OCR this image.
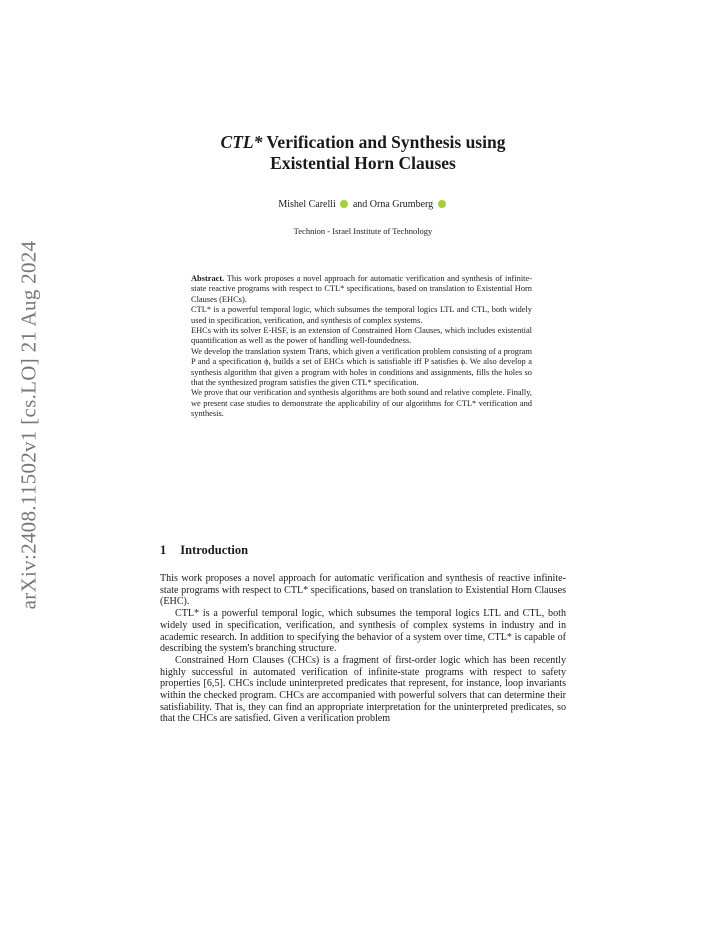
arXiv:2408.11502v1 [cs.LO] 21 Aug 2024
CTL* Verification and Synthesis using
Existential Horn Clauses
Mishel Carelli and Orna Grumberg
Technion - Israel Institute of Technology

Abstract. This work proposes a novel approach for automatic verification and synthesis of infinite-state reactive programs with respect to CTL* specifications, based on translation to Existential Horn Clauses (EHCs).

CTL* is a powerful temporal logic, which subsumes the temporal logics LTL and CTL, both widely used in specification, verification, and synthesis of complex systems.

EHCs with its solver E-HSF, is an extension of Constrained Horn Clauses, which includes existential quantification as well as the power of handling well-foundedness.

We develop the translation system Trans, which given a verification problem consisting of a program P and a specification ϕ, builds a set of EHCs which is satisfiable iff P satisfies ϕ. We also develop a synthesis algorithm that given a program with holes in conditions and assignments, fills the holes so that the synthesized program satisfies the given CTL* specification.

We prove that our verification and synthesis algorithms are both sound and relative complete. Finally, we present case studies to demonstrate the applicability of our algorithms for CTL* verification and synthesis.

1 Introduction

This work proposes a novel approach for automatic verification and synthesis of reactive infinite-state programs with respect to CTL* specifications, based on translation to Existential Horn Clauses (EHC).

CTL* is a powerful temporal logic, which subsumes the temporal logics LTL and CTL, both widely used in specification, verification, and synthesis of complex systems in industry and in academic research. In addition to specifying the behavior of a system over time, CTL* is capable of describing the system's branching structure.

Constrained Horn Clauses (CHCs) is a fragment of first-order logic which has been recently highly successful in automated verification of infinite-state programs with respect to safety properties [6,5]. CHCs include uninterpreted predicates that represent, for instance, loop invariants within the checked program. CHCs are accompanied with powerful solvers that can determine their satisfiability. That is, they can find an appropriate interpretation for the uninterpreted predicates, so that the CHCs are satisfied. Given a verification problem
